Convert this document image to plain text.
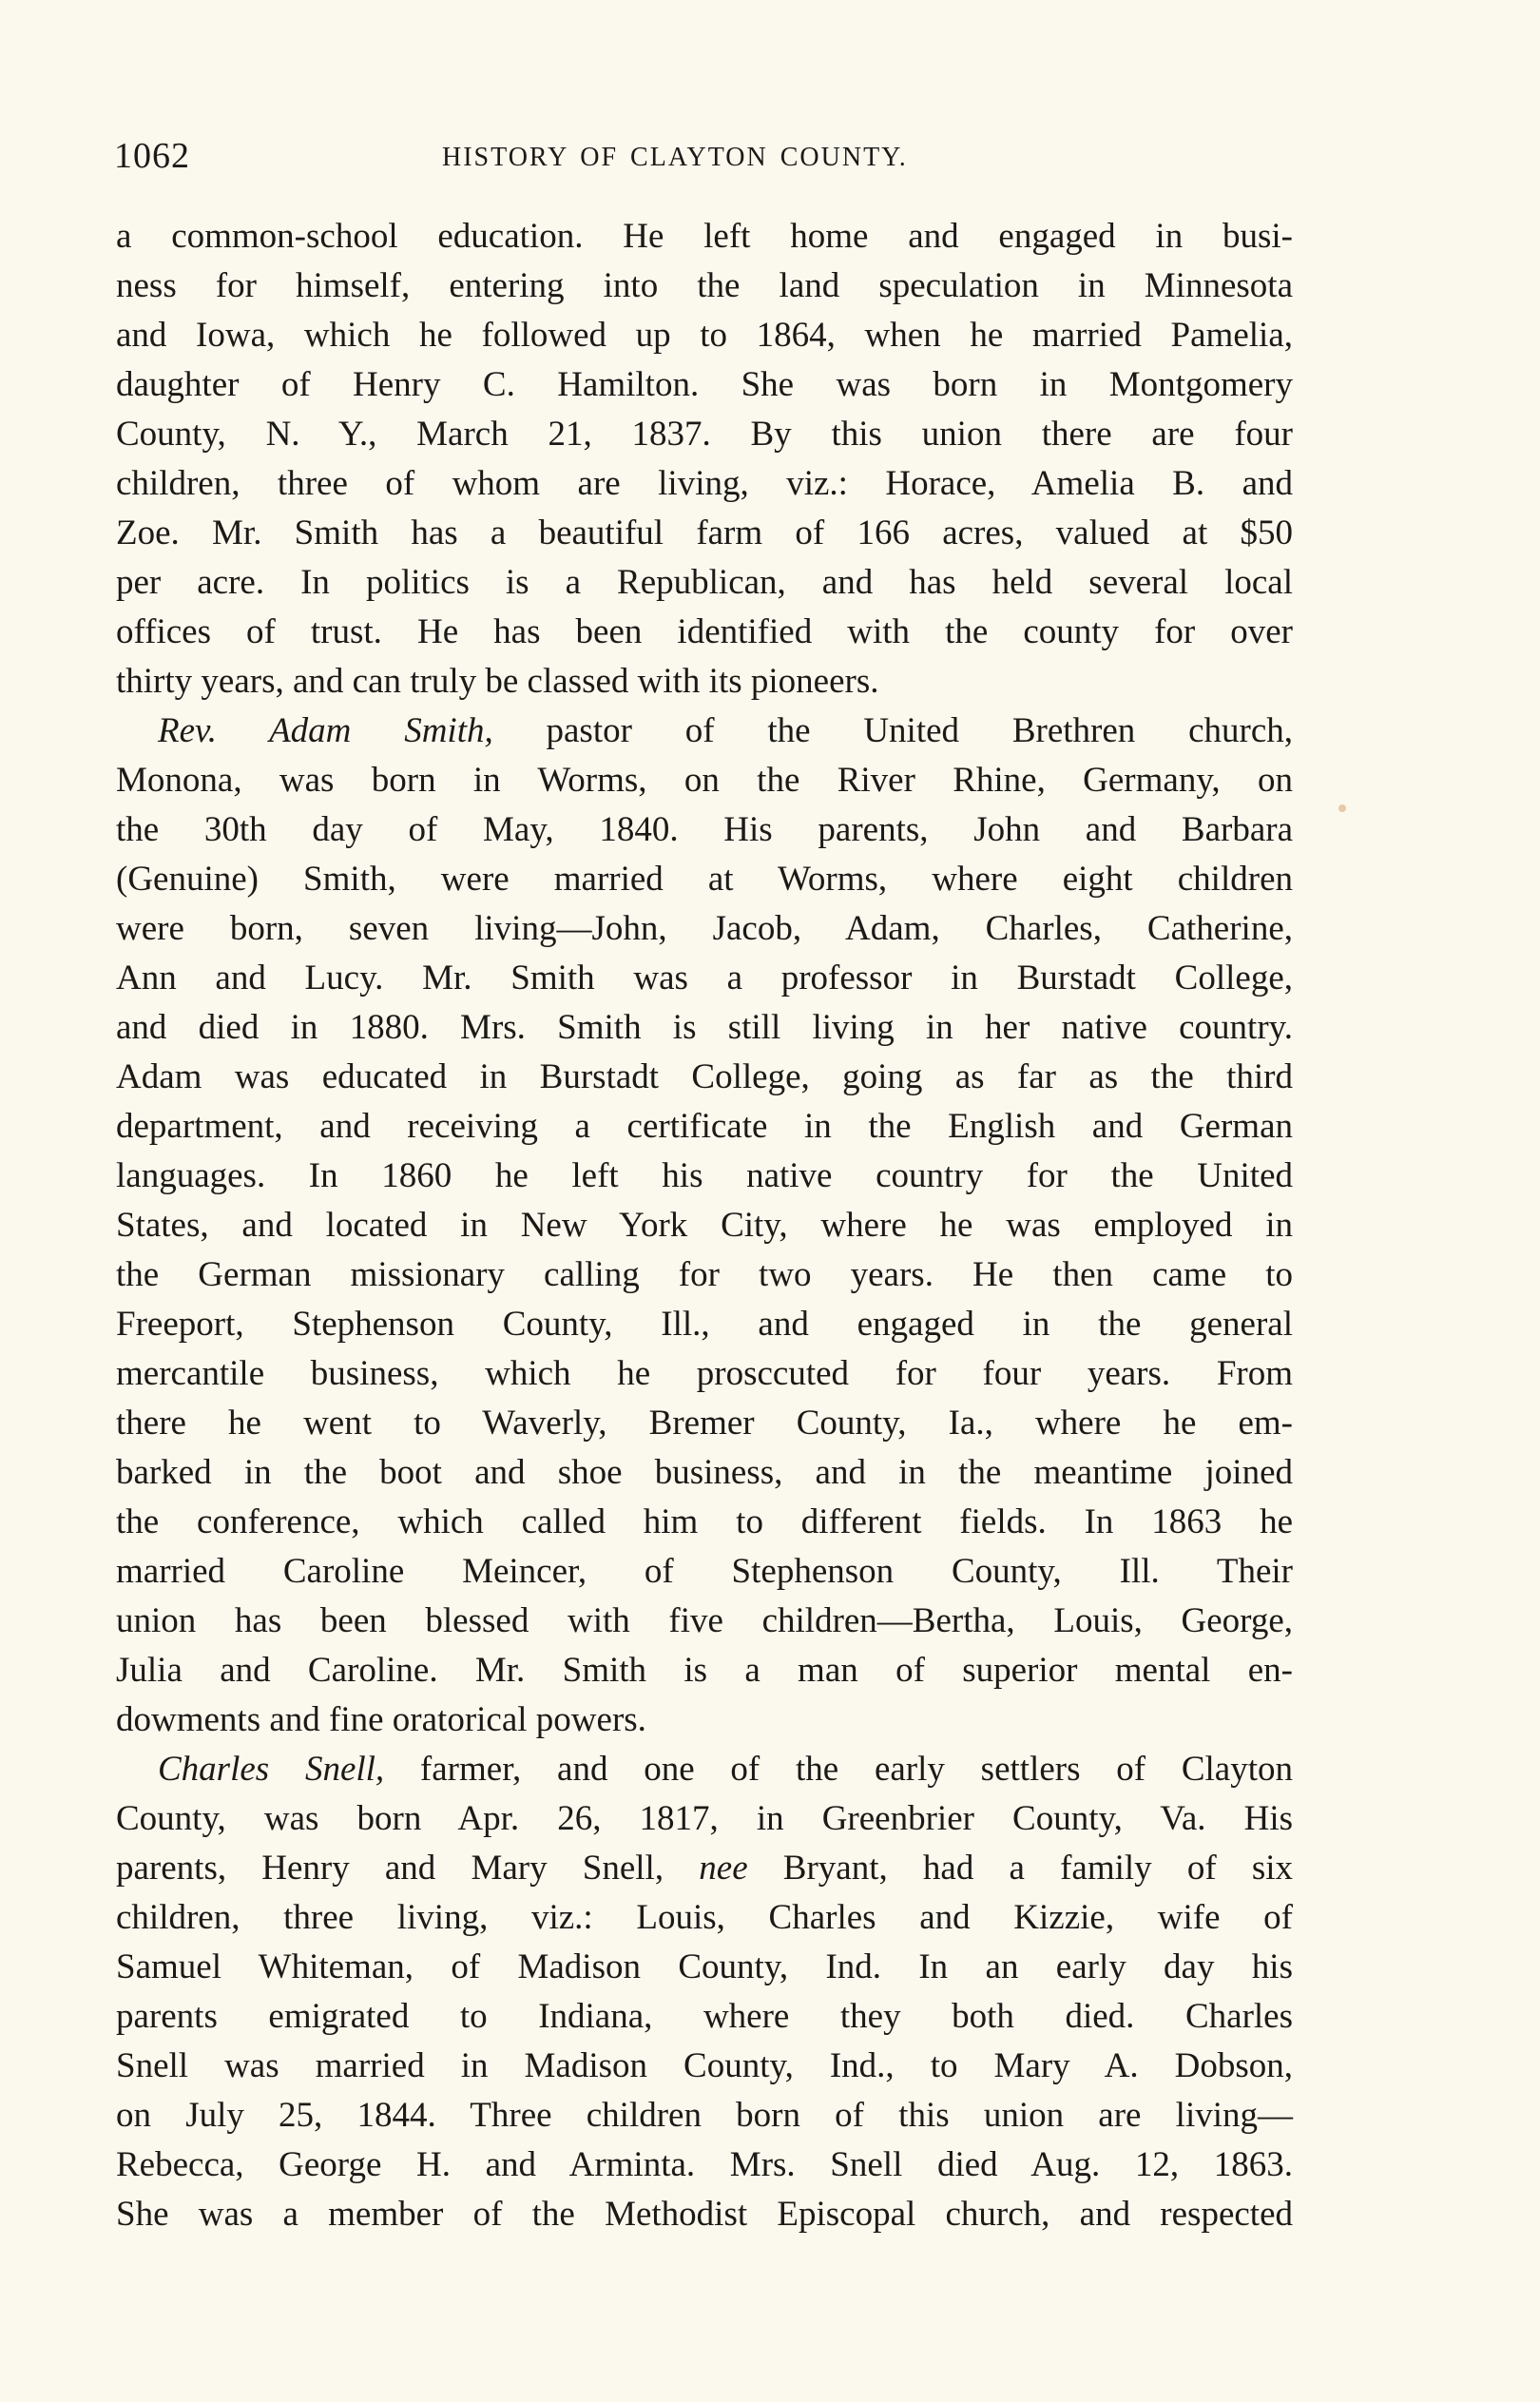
1062	HISTORY OF CLAYTON COUNTY.
a common-school education. He left home and engaged in busi-
ness for himself, entering into the land speculation in Minnesota
and Iowa, which he followed up to 1864, when he married Pamelia,
daughter of Henry C. Hamilton. She was born in Montgomery
County, N. Y., March 21, 1837. By this union there are four
children, three of whom are living, viz.: Horace, Amelia B. and
Zoe. Mr. Smith has a beautiful farm of 166 acres, valued at $50
per acre. In politics is a Republican, and has held several local
offices of trust. He has been identified with the county for over
thirty years, and can truly be classed with its pioneers.
Rev. Adam Smith, pastor of the United Brethren church,
Monona, was born in Worms, on the River Rhine, Germany, on
the 30th day of May, 1840. His parents, John and Barbara
(Genuine) Smith, were married at Worms, where eight children
were born, seven living—John, Jacob, Adam, Charles, Catherine,
Ann and Lucy. Mr. Smith was a professor in Burstadt College,
and died in 1880. Mrs. Smith is still living in her native country.
Adam was educated in Burstadt College, going as far as the third
department, and receiving a certificate in the English and German
languages. In 1860 he left his native country for the United
States, and located in New York City, where he was employed in
the German missionary calling for two years. He then came to
Freeport, Stephenson County, Ill., and engaged in the general
mercantile business, which he prosccuted for four years. From
there he went to Waverly, Bremer County, Ia., where he em-
barked in the boot and shoe business, and in the meantime joined
the conference, which called him to different fields. In 1863 he
married Caroline Meincer, of Stephenson County, Ill. Their
union has been blessed with five children—Bertha, Louis, George,
Julia and Caroline. Mr. Smith is a man of superior mental en-
dowments and fine oratorical powers.
Charles Snell, farmer, and one of the early settlers of Clayton
County, was born Apr. 26, 1817, in Greenbrier County, Va. His
parents, Henry and Mary Snell, nee Bryant, had a family of six
children, three living, viz.: Louis, Charles and Kizzie, wife of
Samuel Whiteman, of Madison County, Ind. In an early day his
parents emigrated to Indiana, where they both died. Charles
Snell was married in Madison County, Ind., to Mary A. Dobson,
on July 25, 1844. Three children born of this union are living—
Rebecca, George H. and Arminta. Mrs. Snell died Aug. 12, 1863.
She was a member of the Methodist Episcopal church, and respected
